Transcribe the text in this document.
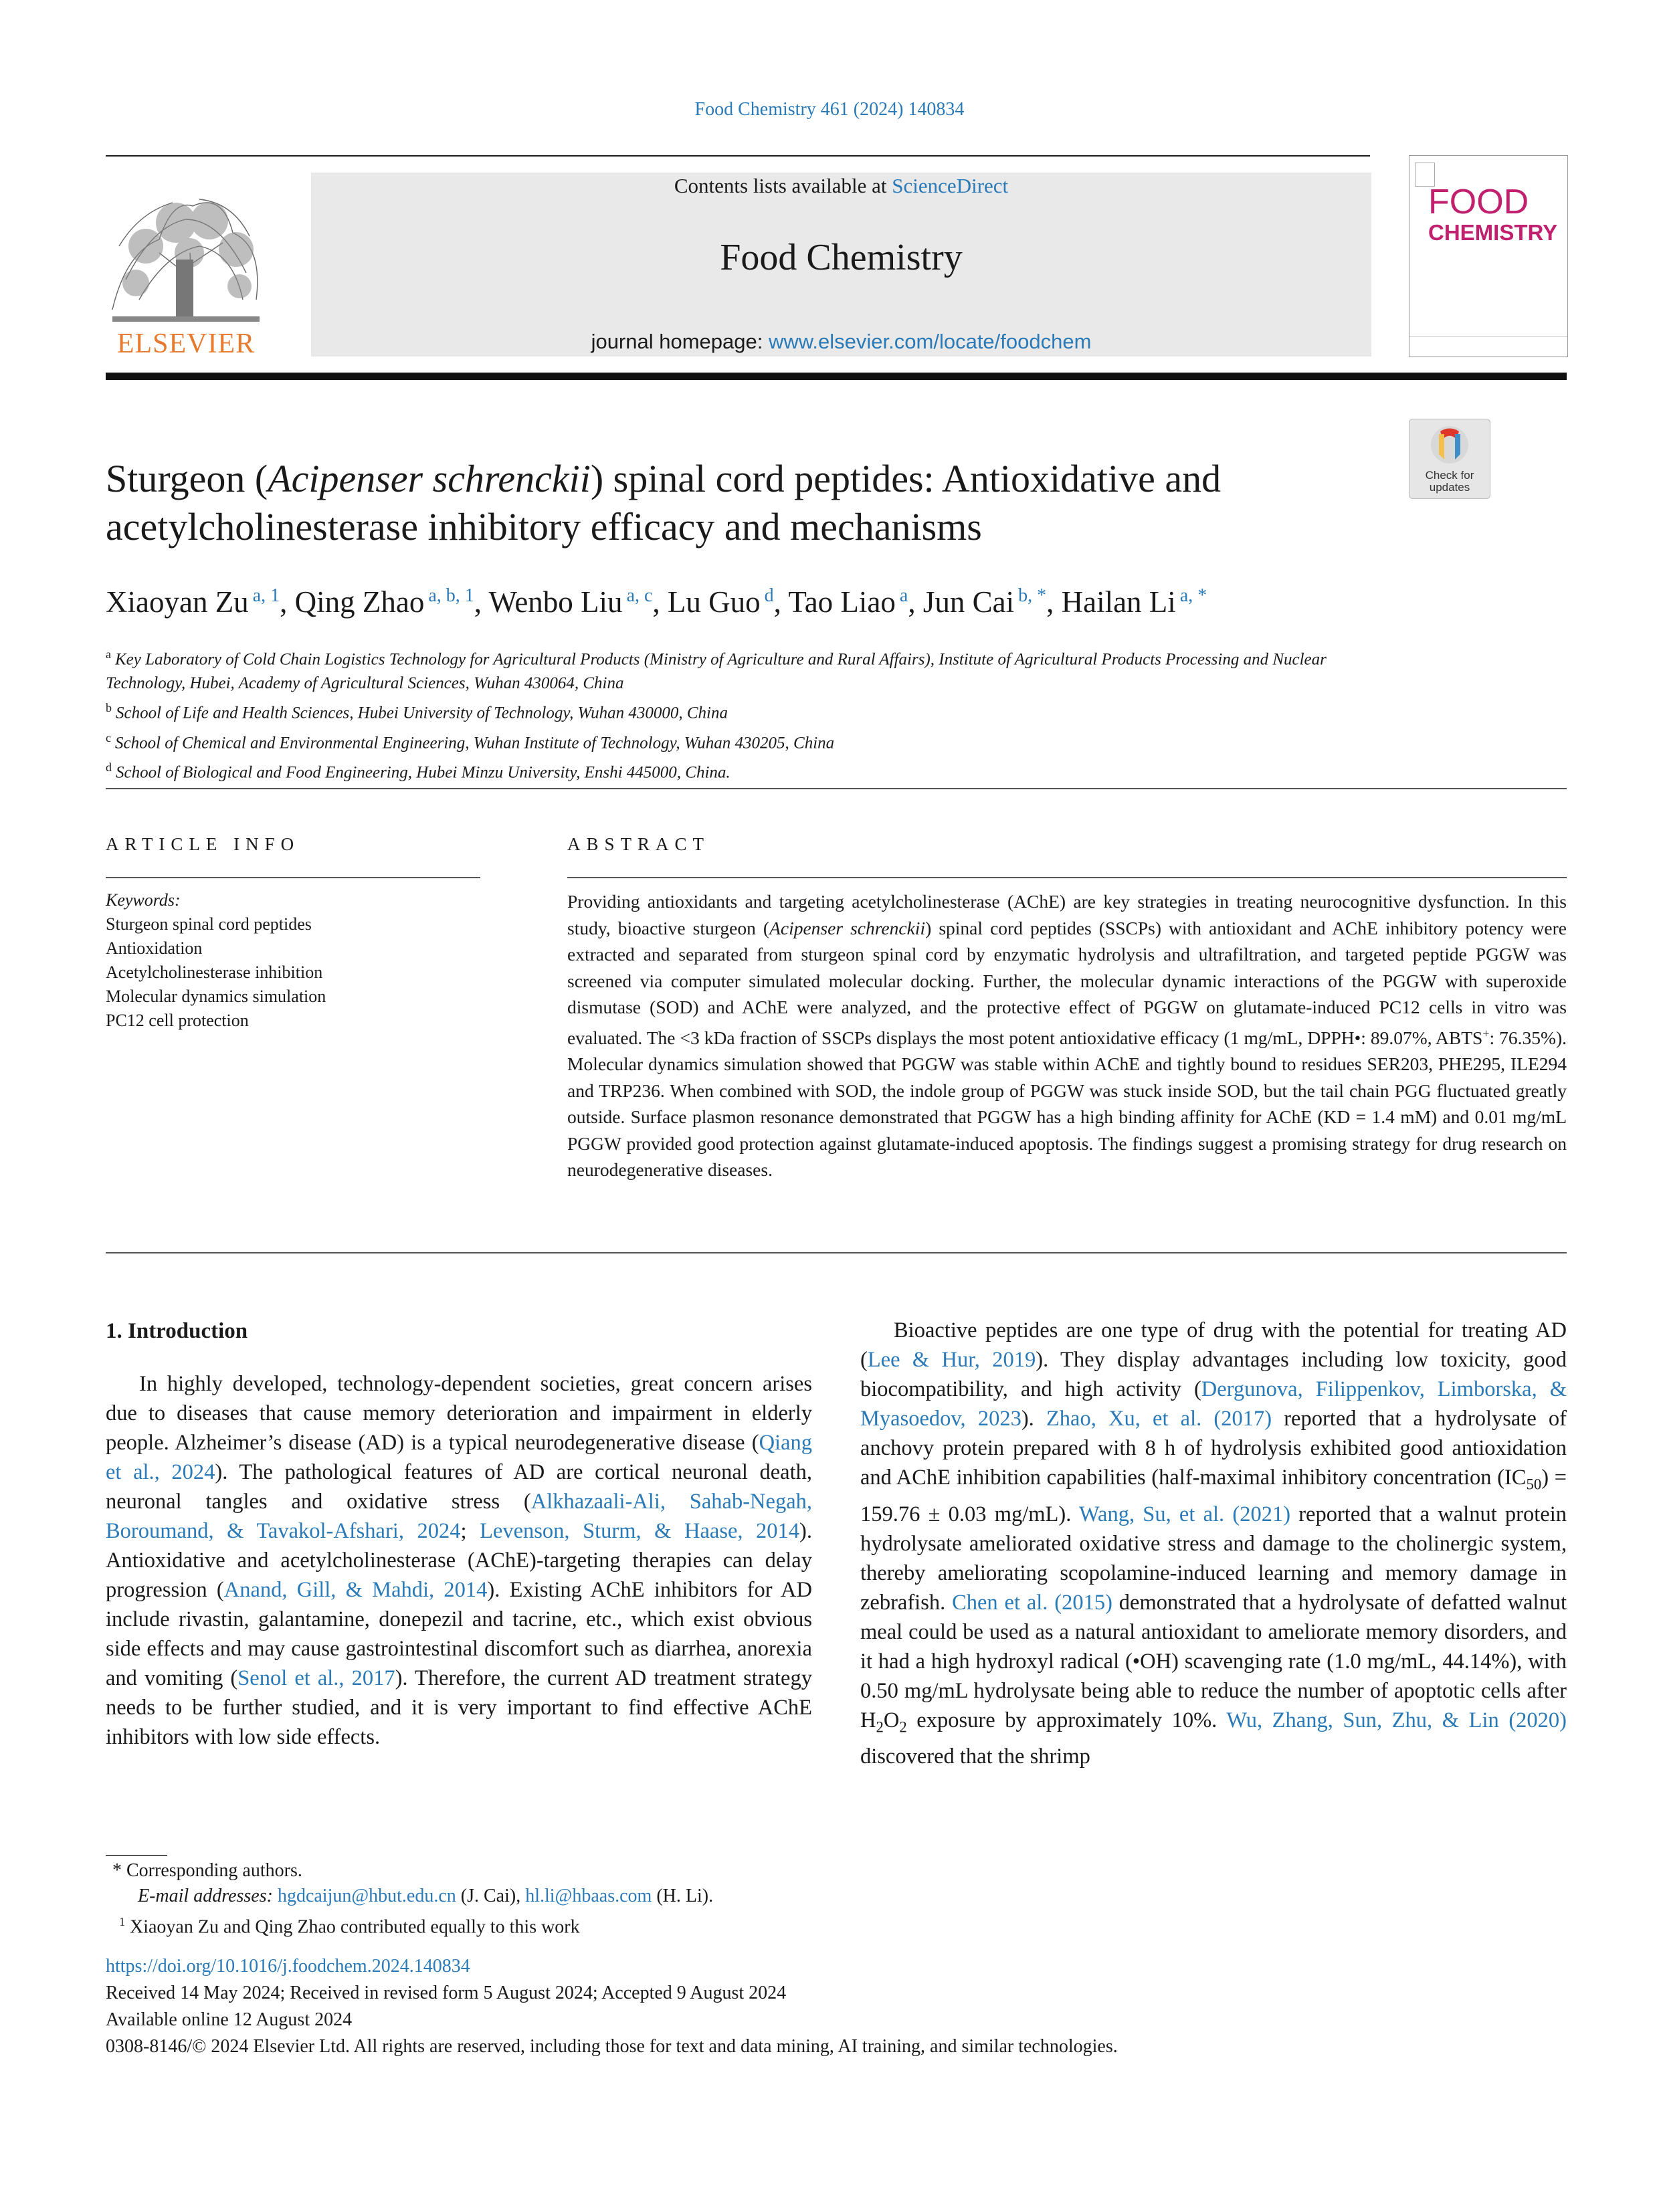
Food Chemistry 461 (2024) 140834
ELSEVIER
Contents lists available at ScienceDirect
Food Chemistry
journal homepage: www.elsevier.com/locate/foodchem
FOOD
CHEMISTRY
Check for
updates
Sturgeon (Acipenser schrenckii) spinal cord peptides: Antioxidative and acetylcholinesterase inhibitory efficacy and mechanisms
Xiaoyan Zu $^{a, 1}$, Qing Zhao $^{a, b, 1}$, Wenbo Liu $^{a, c}$, Lu Guo $^d$, Tao Liao $^a$, Jun Cai $^{b, *}$, Hailan Li $^{a, *}$
$^a$ Key Laboratory of Cold Chain Logistics Technology for Agricultural Products (Ministry of Agriculture and Rural Affairs), Institute of Agricultural Products Processing and Nuclear Technology, Hubei, Academy of Agricultural Sciences, Wuhan 430064, China
$^b$ School of Life and Health Sciences, Hubei University of Technology, Wuhan 430000, China
$^c$ School of Chemical and Environmental Engineering, Wuhan Institute of Technology, Wuhan 430205, China
$^d$ School of Biological and Food Engineering, Hubei Minzu University, Enshi 445000, China.
ARTICLE INFO	ABSTRACT
Keywords:
Sturgeon spinal cord peptides
Antioxidation
Acetylcholinesterase inhibition
Molecular dynamics simulation
PC12 cell protection
Providing antioxidants and targeting acetylcholinesterase (AChE) are key strategies in treating neurocognitive dysfunction. In this study, bioactive sturgeon (Acipenser schrenckii) spinal cord peptides (SSCPs) with antioxidant and AChE inhibitory potency were extracted and separated from sturgeon spinal cord by enzymatic hydrolysis and ultrafiltration, and targeted peptide PGGW was screened via computer simulated molecular docking. Further, the molecular dynamic interactions of the PGGW with superoxide dismutase (SOD) and AChE were analyzed, and the protective effect of PGGW on glutamate-induced PC12 cells in vitro was evaluated. The <3 kDa fraction of SSCPs displays the most potent antioxidative efficacy (1 mg/mL, DPPH•: 89.07%, ABTS+: 76.35%). Molecular dynamics simulation showed that PGGW was stable within AChE and tightly bound to residues SER203, PHE295, ILE294 and TRP236. When combined with SOD, the indole group of PGGW was stuck inside SOD, but the tail chain PGG fluctuated greatly outside. Surface plasmon resonance demonstrated that PGGW has a high binding affinity for AChE (KD = 1.4 mM) and 0.01 mg/mL PGGW provided good protection against glutamate-induced apoptosis. The findings suggest a promising strategy for drug research on neurodegenerative diseases.
1. Introduction

In highly developed, technology-dependent societies, great concern arises due to diseases that cause memory deterioration and impairment in elderly people. Alzheimer’s disease (AD) is a typical neurodegenerative disease (Qiang et al., 2024). The pathological features of AD are cortical neuronal death, neuronal tangles and oxidative stress (Alkhazaali-Ali, Sahab-Negah, Boroumand, & Tavakol-Afshari, 2024; Levenson, Sturm, & Haase, 2014). Antioxidative and acetylcholinesterase (AChE)-targeting therapies can delay progression (Anand, Gill, & Mahdi, 2014). Existing AChE inhibitors for AD include rivastin, galantamine, donepezil and tacrine, etc., which exist obvious side effects and may cause gastrointestinal discomfort such as diarrhea, anorexia and vomiting (Senol et al., 2017). Therefore, the current AD treatment strategy needs to be further studied, and it is very important to find effective AChE inhibitors with low side effects.

Bioactive peptides are one type of drug with the potential for treating AD (Lee & Hur, 2019). They display advantages including low toxicity, good biocompatibility, and high activity (Dergunova, Filippenkov, Limborska, & Myasoedov, 2023). Zhao, Xu, et al. (2017) reported that a hydrolysate of anchovy protein prepared with 8 h of hydrolysis exhibited good antioxidation and AChE inhibition capabilities (half-maximal inhibitory concentration $(IC_{50}) = 159.76 \pm 0.03$ mg/mL). Wang, Su, et al. (2021) reported that a walnut protein hydrolysate ameliorated oxidative stress and damage to the cholinergic system, thereby ameliorating scopolamine-induced learning and memory damage in zebrafish. Chen et al. (2015) demonstrated that a hydrolysate of defatted walnut meal could be used as a natural antioxidant to ameliorate memory disorders, and it had a high hydroxyl radical (•OH) scavenging rate (1.0 mg/mL, 44.14%), with 0.50 mg/mL hydrolysate being able to reduce the number of apoptotic cells after $H_2O_2$ exposure by approximately 10%. Wu, Zhang, Sun, Zhu, & Lin (2020) discovered that the shrimp

* Corresponding authors.
E-mail addresses: hgdcaijun@hbut.edu.cn (J. Cai), hl.li@hbaas.com (H. Li).
$^1$ Xiaoyan Zu and Qing Zhao contributed equally to this work
https://doi.org/10.1016/j.foodchem.2024.140834
Received 14 May 2024; Received in revised form 5 August 2024; Accepted 9 August 2024
Available online 12 August 2024
0308-8146/© 2024 Elsevier Ltd. All rights are reserved, including those for text and data mining, AI training, and similar technologies.
